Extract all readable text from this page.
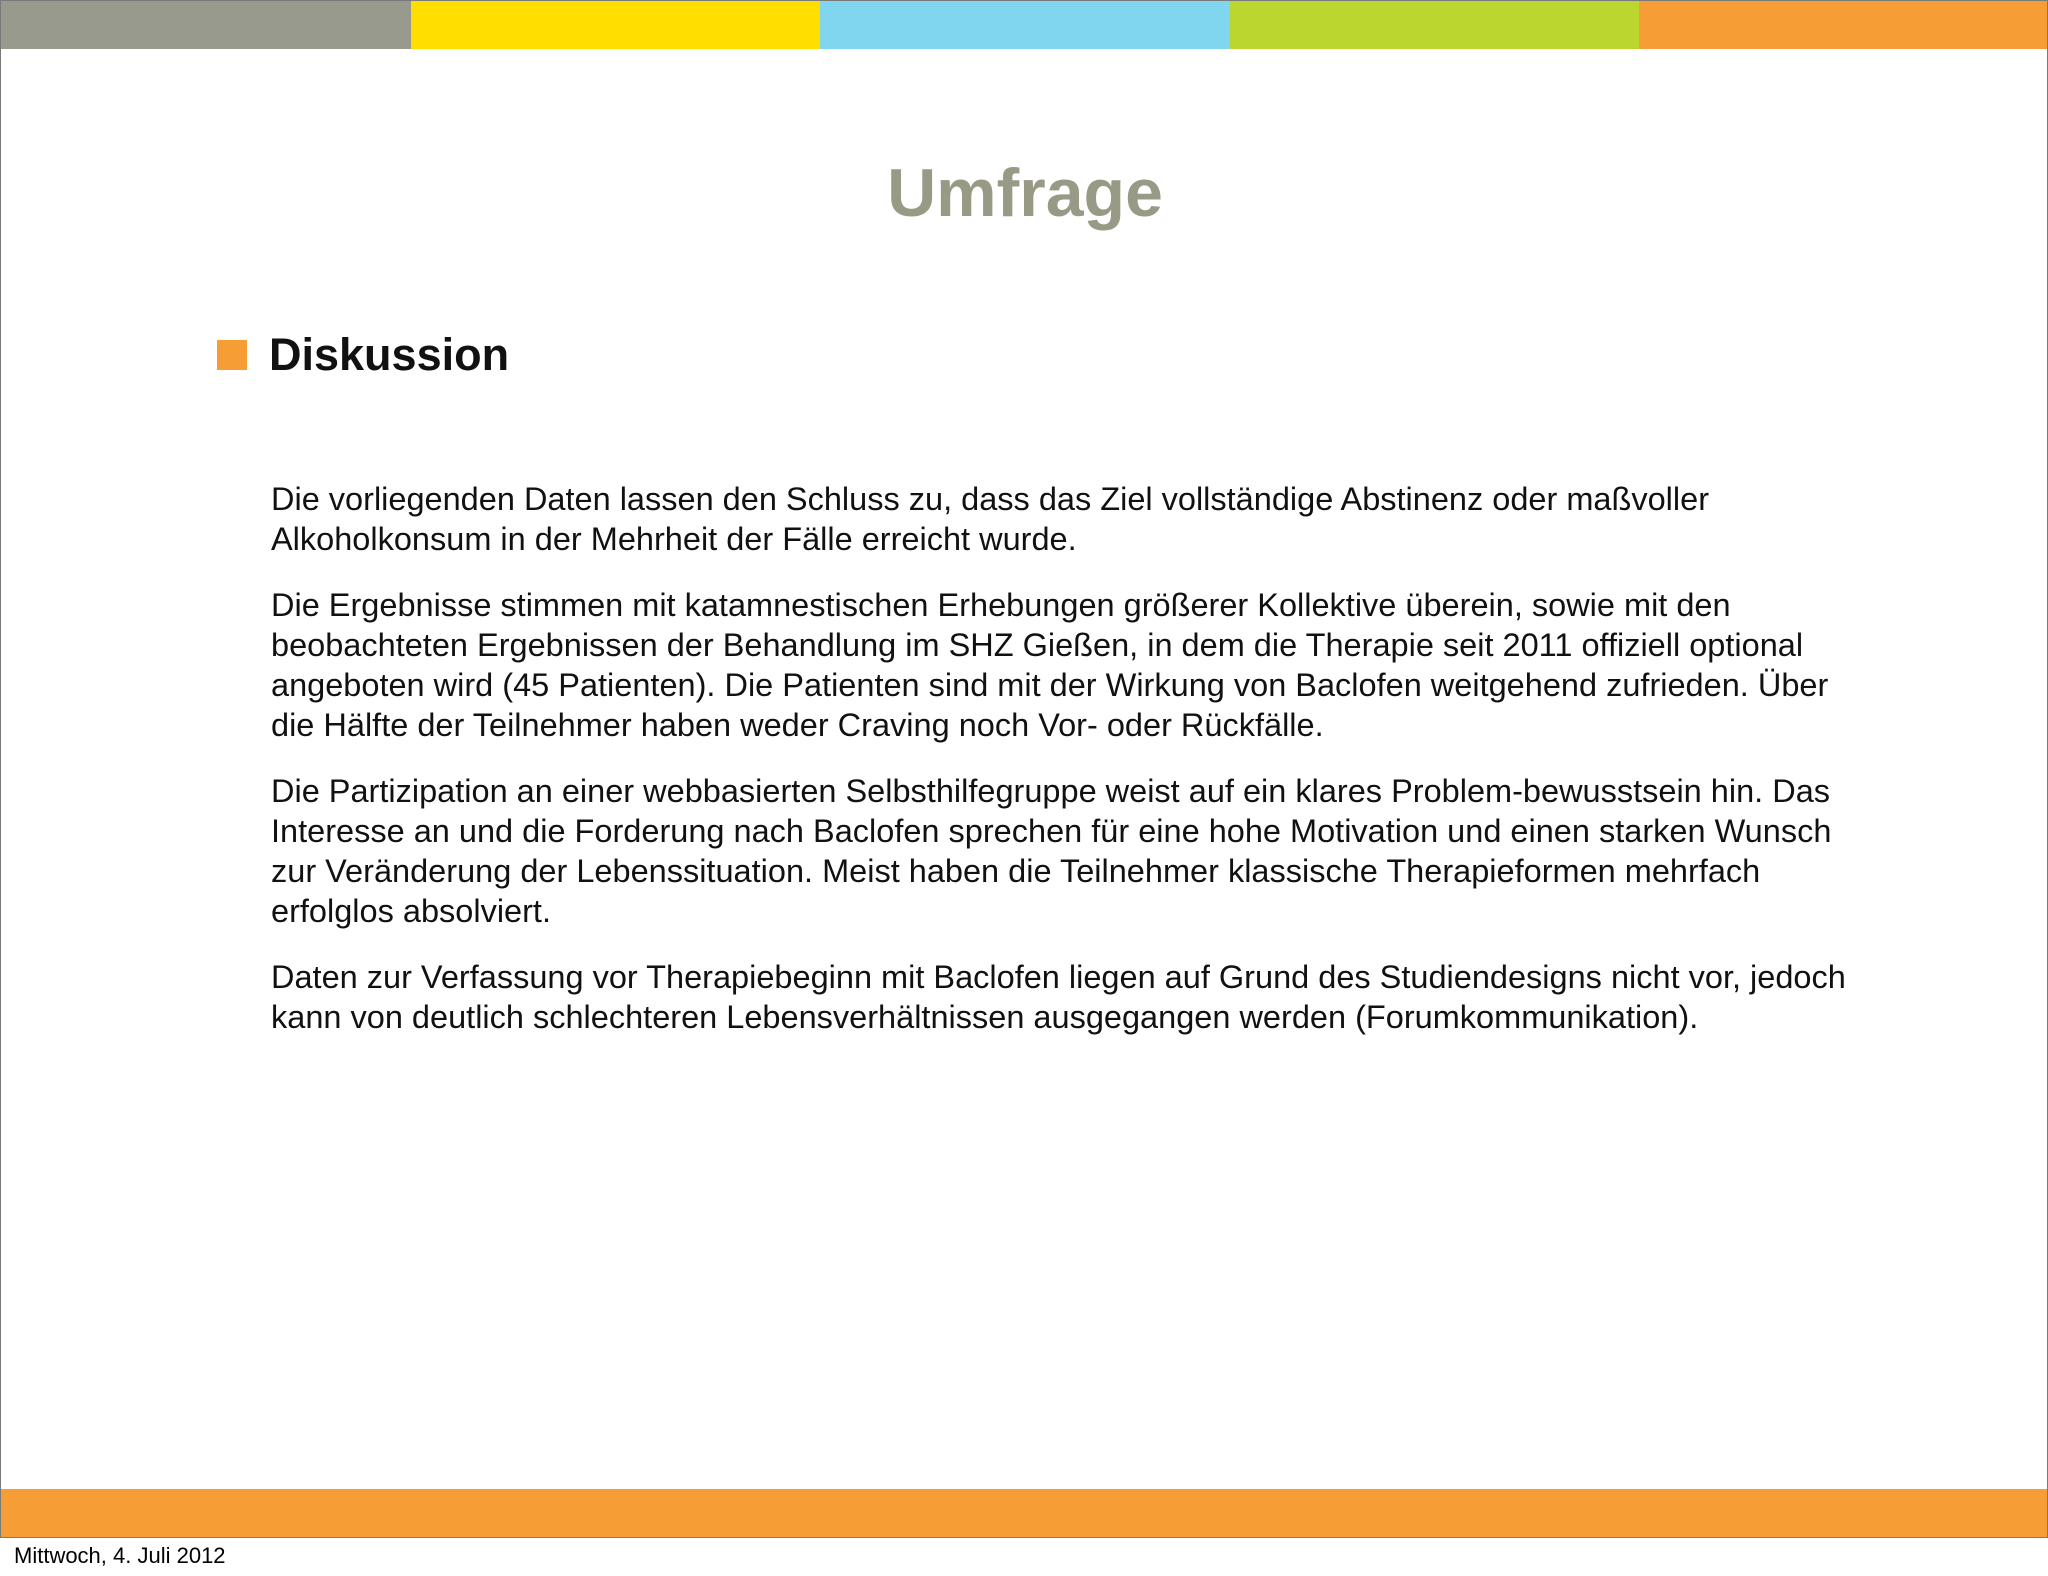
Umfrage
Diskussion

Die vorliegenden Daten lassen den Schluss zu, dass das Ziel vollständige Abstinenz oder maßvoller Alkoholkonsum in der Mehrheit der Fälle erreicht wurde.

Die Ergebnisse stimmen mit katamnestischen Erhebungen größerer Kollektive überein, sowie mit den beobachteten Ergebnissen der Behandlung im SHZ Gießen, in dem die Therapie seit 2011 offiziell optional angeboten wird (45 Patienten). Die Patienten sind mit der Wirkung von Baclofen weitgehend zufrieden. Über die Hälfte der Teilnehmer haben weder Craving noch Vor- oder Rückfälle.

Die Partizipation an einer webbasierten Selbsthilfegruppe weist auf ein klares Problem-bewusstsein hin. Das Interesse an und die Forderung nach Baclofen sprechen für eine hohe Motivation und einen starken Wunsch zur Veränderung der Lebenssituation. Meist haben die Teilnehmer klassische Therapieformen mehrfach erfolglos absolviert.

Daten zur Verfassung vor Therapiebeginn mit Baclofen liegen auf Grund des Studiendesigns nicht vor, jedoch kann von deutlich schlechteren Lebensverhältnissen ausgegangen werden (Forumkommunikation).

Mittwoch, 4. Juli 2012
